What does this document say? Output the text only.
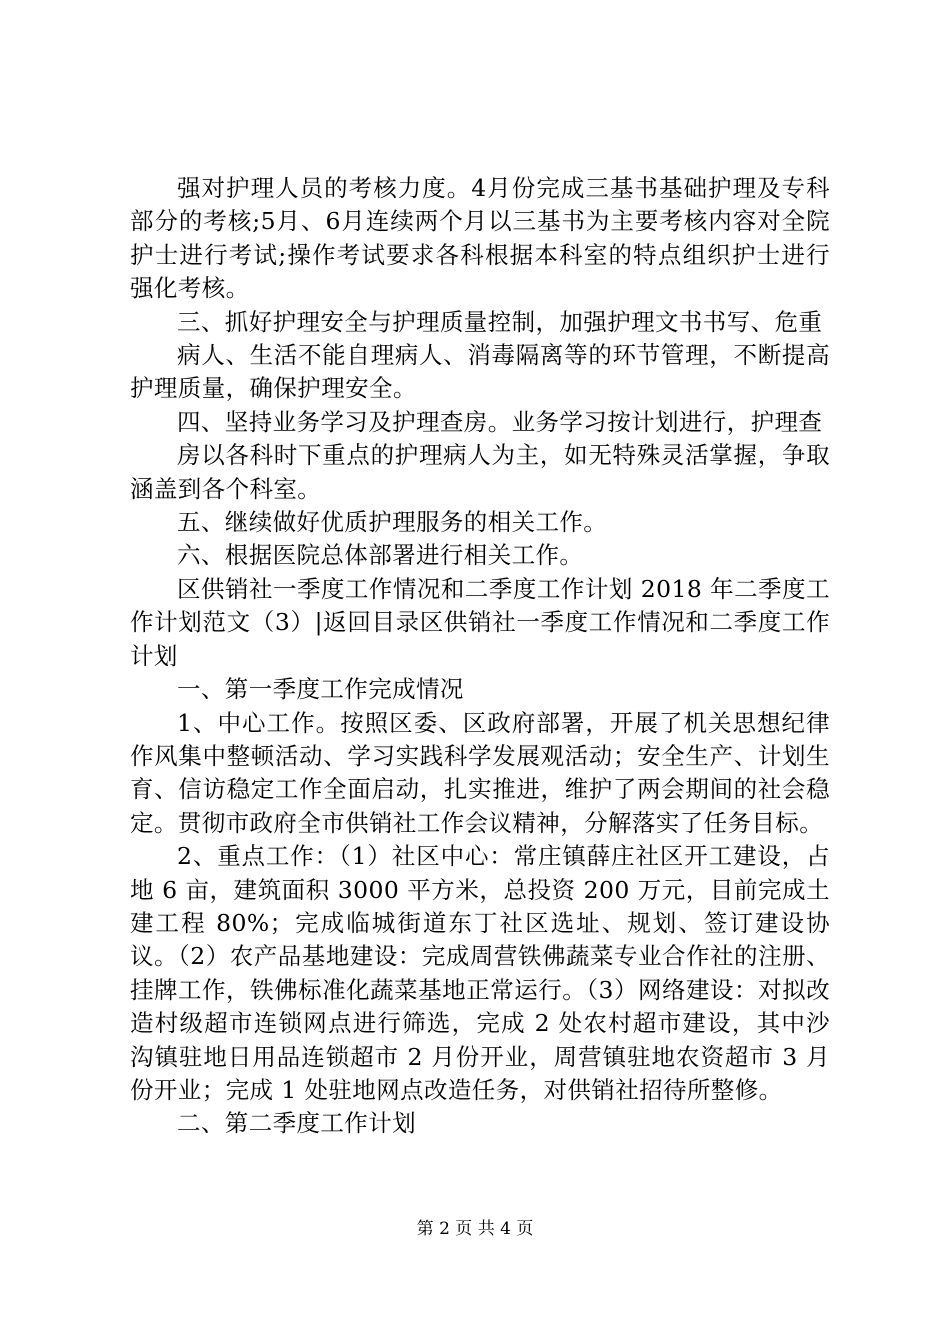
强对护理人员的考核力度。4月份完成三基书基础护理及专科部分的考核;5月、6月连续两个月以三基书为主要考核内容对全院护士进行考试;操作考试要求各科根据本科室的特点组织护士进行强化考核。

三、抓好护理安全与护理质量控制，加强护理文书书写、危重

病人、生活不能自理病人、消毒隔离等的环节管理，不断提高护理质量，确保护理安全。

四、坚持业务学习及护理查房。业务学习按计划进行，护理查

房以各科时下重点的护理病人为主，如无特殊灵活掌握，争取涵盖到各个科室。

五、继续做好优质护理服务的相关工作。

六、根据医院总体部署进行相关工作。

区供销社一季度工作情况和二季度工作计划 2018 年二季度工作计划范文（3）|返回目录区供销社一季度工作情况和二季度工作计划

一、第一季度工作完成情况

1、中心工作。按照区委、区政府部署，开展了机关思想纪律作风集中整顿活动、学习实践科学发展观活动；安全生产、计划生育、信访稳定工作全面启动，扎实推进，维护了两会期间的社会稳定。贯彻市政府全市供销社工作会议精神，分解落实了任务目标。

2、重点工作：（1）社区中心：常庄镇薛庄社区开工建设，占地 6 亩，建筑面积 3000 平方米，总投资 200 万元，目前完成土建工程 80%；完成临城街道东丁社区选址、规划、签订建设协议。（2）农产品基地建设：完成周营铁佛蔬菜专业合作社的注册、挂牌工作，铁佛标准化蔬菜基地正常运行。（3）网络建设：对拟改造村级超市连锁网点进行筛选，完成 2 处农村超市建设，其中沙沟镇驻地日用品连锁超市 2 月份开业，周营镇驻地农资超市 3 月份开业；完成 1 处驻地网点改造任务，对供销社招待所整修。

二、第二季度工作计划

第 2 页 共 4 页
